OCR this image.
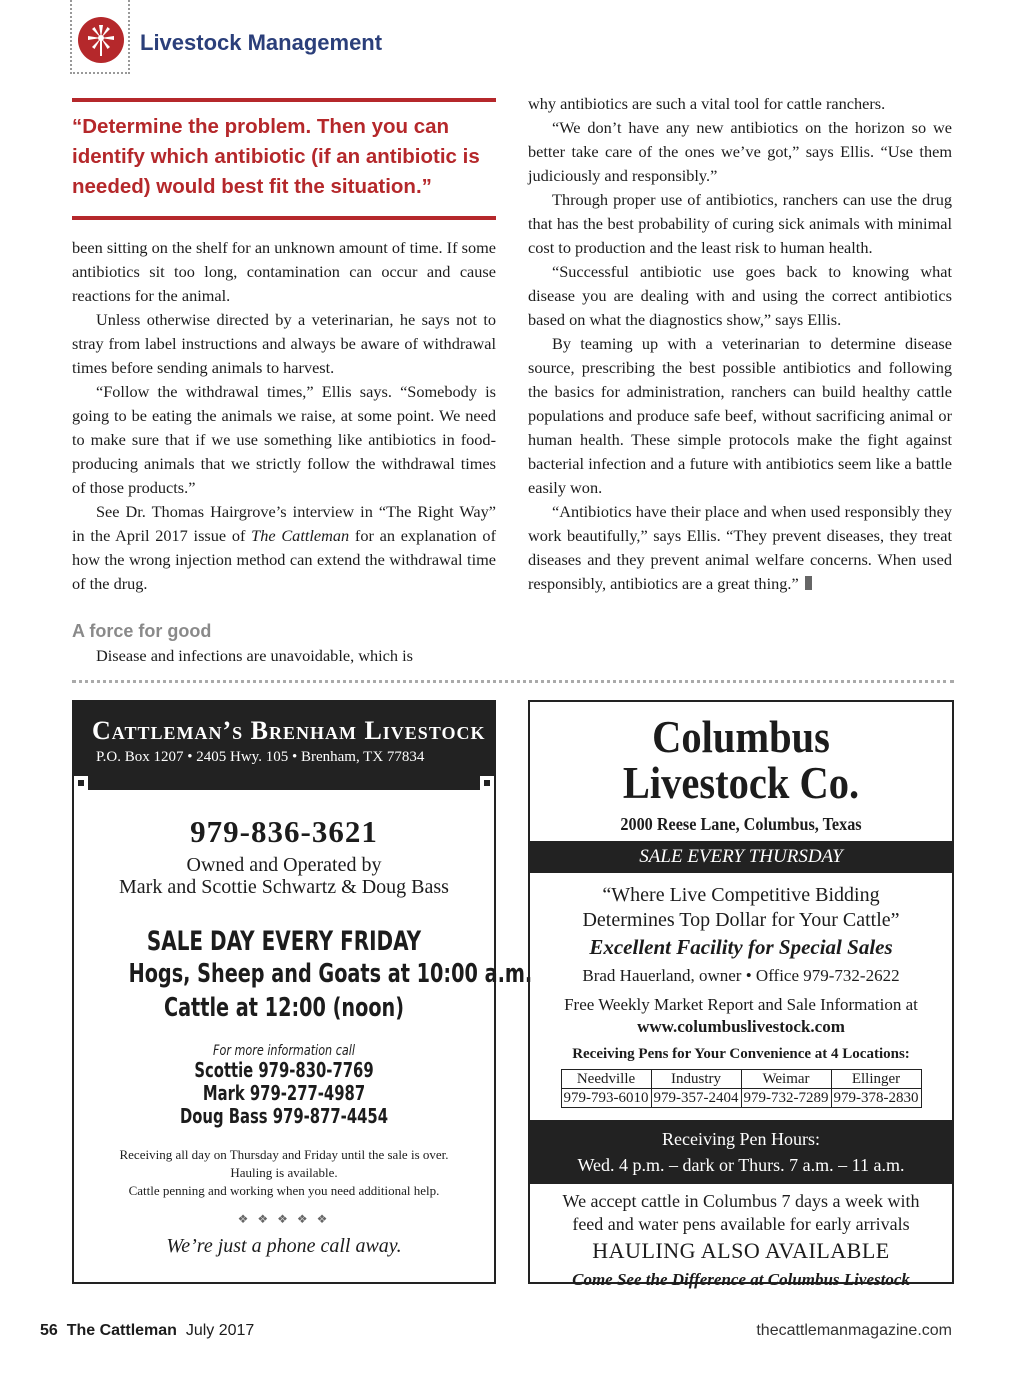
Livestock Management

“Determine the problem. Then you can identify which antibiotic (if an antibiotic is needed) would best fit the situation.”

been sitting on the shelf for an unknown amount of time. If some antibiotics sit too long, contamination can occur and cause reactions for the animal.

Unless otherwise directed by a veterinarian, he says not to stray from label instructions and always be aware of withdrawal times before sending animals to harvest.

“Follow the withdrawal times,” Ellis says. “Somebody is going to be eating the animals we raise, at some point. We need to make sure that if we use something like antibiotics in food-producing animals that we strictly follow the withdrawal times of those products.”

See Dr. Thomas Hairgrove’s interview in “The Right Way” in the April 2017 issue of The Cattleman for an explanation of how the wrong injection method can extend the withdrawal time of the drug.

A force for good

Disease and infections are unavoidable, which is

why antibiotics are such a vital tool for cattle ranchers.

“We don’t have any new antibiotics on the horizon so we better take care of the ones we’ve got,” says Ellis. “Use them judiciously and responsibly.”

Through proper use of antibiotics, ranchers can use the drug that has the best probability of curing sick animals with minimal cost to production and the least risk to human health.

“Successful antibiotic use goes back to knowing what disease you are dealing with and using the correct antibiotics based on what the diagnostics show,” says Ellis.

By teaming up with a veterinarian to determine disease source, prescribing the best possible antibiotics and following the basics for administration, ranchers can build healthy cattle populations and produce safe beef, without sacrificing animal or human health. These simple protocols make the fight against bacterial infection and a future with antibiotics seem like a battle easily won.

“Antibiotics have their place and when used responsibly they work beautifully,” says Ellis. “They prevent diseases, they treat diseases and they prevent animal welfare concerns. When used responsibly, antibiotics are a great thing.”

Cattleman’s Brenham Livestock
P.O. Box 1207 • 2405 Hwy. 105 • Brenham, TX 77834
979-836-3621
Owned and Operated by
Mark and Scottie Schwartz & Doug Bass
SALE DAY EVERY FRIDAY
Hogs, Sheep and Goats at 10:00 a.m.
Cattle at 12:00 (noon)
For more information call
Scottie 979-830-7769
Mark 979-277-4987
Doug Bass 979-877-4454
Receiving all day on Thursday and Friday until the sale is over.
Hauling is available.
Cattle penning and working when you need additional help.
❖ ❖ ❖ ❖ ❖
We’re just a phone call away.
Columbus
Livestock Co.
2000 Reese Lane, Columbus, Texas
SALE EVERY THURSDAY
“Where Live Competitive Bidding
Determines Top Dollar for Your Cattle”
Excellent Facility for Special Sales
Brad Hauerland, owner • Office 979-732-2622
Free Weekly Market Report and Sale Information at
www.columbuslivestock.com
Receiving Pens for Your Convenience at 4 Locations:
Needville	Industry	Weimar	Ellinger
979-793-6010	979-357-2404	979-732-7289	979-378-2830
Receiving Pen Hours:
Wed. 4 p.m. – dark or Thurs. 7 a.m. – 11 a.m.
We accept cattle in Columbus 7 days a week with
feed and water pens available for early arrivals
HAULING ALSO AVAILABLE
Come See the Difference at Columbus Livestock
56 The Cattleman July 2017	thecattlemanmagazine.com
